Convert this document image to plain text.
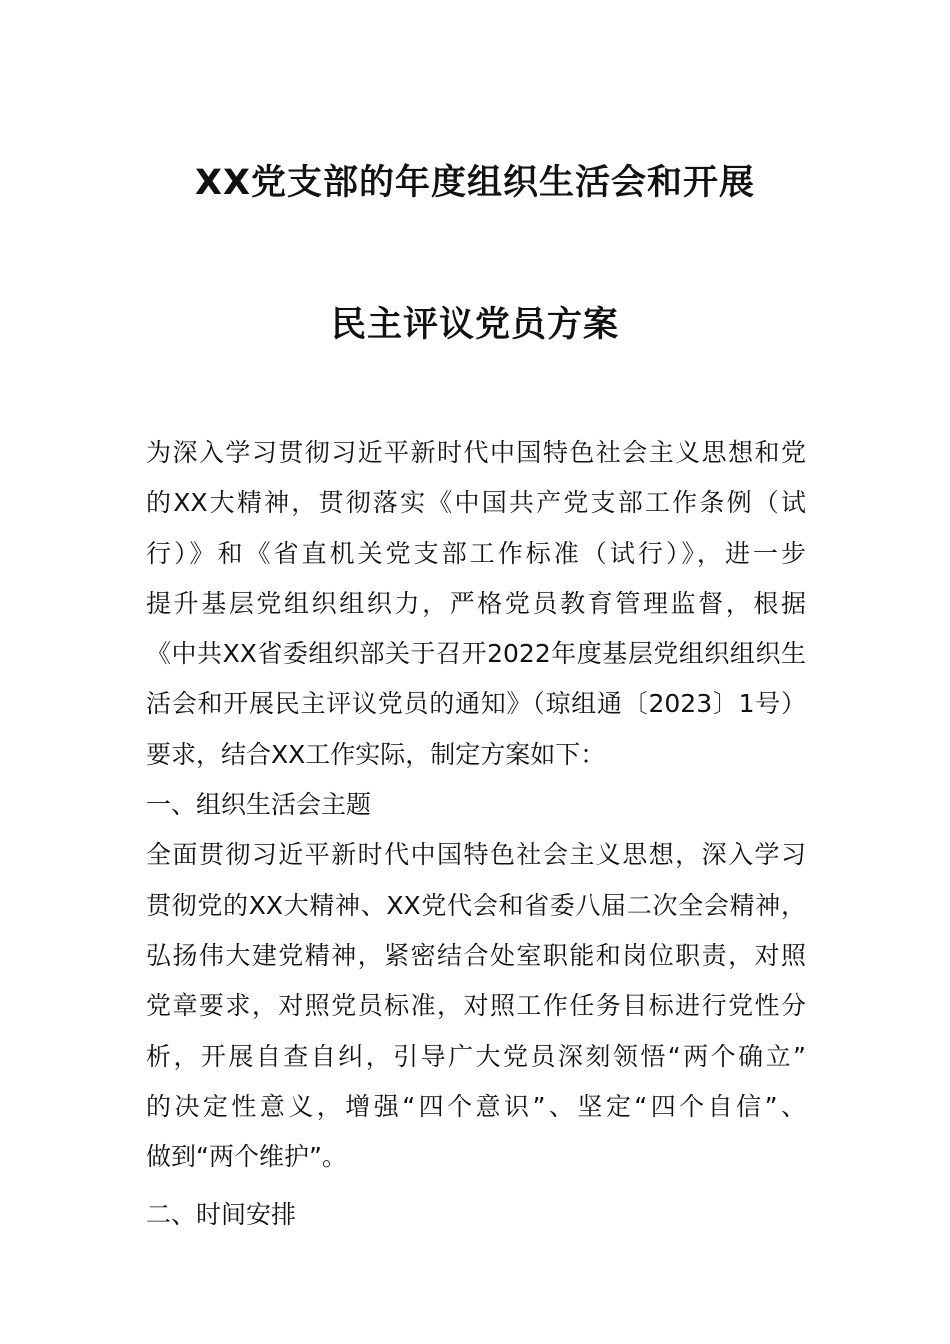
XX党支部的年度组织生活会和开展
民主评议党员方案
为深入学习贯彻习近平新时代中国特色社会主义思想和党
的XX大精神，贯彻落实《中国共产党支部工作条例（试
行）》和《省直机关党支部工作标准（试行）》，进一步
提升基层党组织组织力，严格党员教育管理监督，根据
《中共XX省委组织部关于召开2022年度基层党组织组织生
活会和开展民主评议党员的通知》（琼组通〔2023〕1号）
要求，结合XX工作实际，制定方案如下：
一、组织生活会主题
全面贯彻习近平新时代中国特色社会主义思想，深入学习
贯彻党的XX大精神、XX党代会和省委八届二次全会精神，
弘扬伟大建党精神，紧密结合处室职能和岗位职责，对照
党章要求，对照党员标准，对照工作任务目标进行党性分
析，开展自查自纠，引导广大党员深刻领悟“两个确立”
的决定性意义，增强“四个意识”、坚定“四个自信”、
做到“两个维护”。
二、时间安排
